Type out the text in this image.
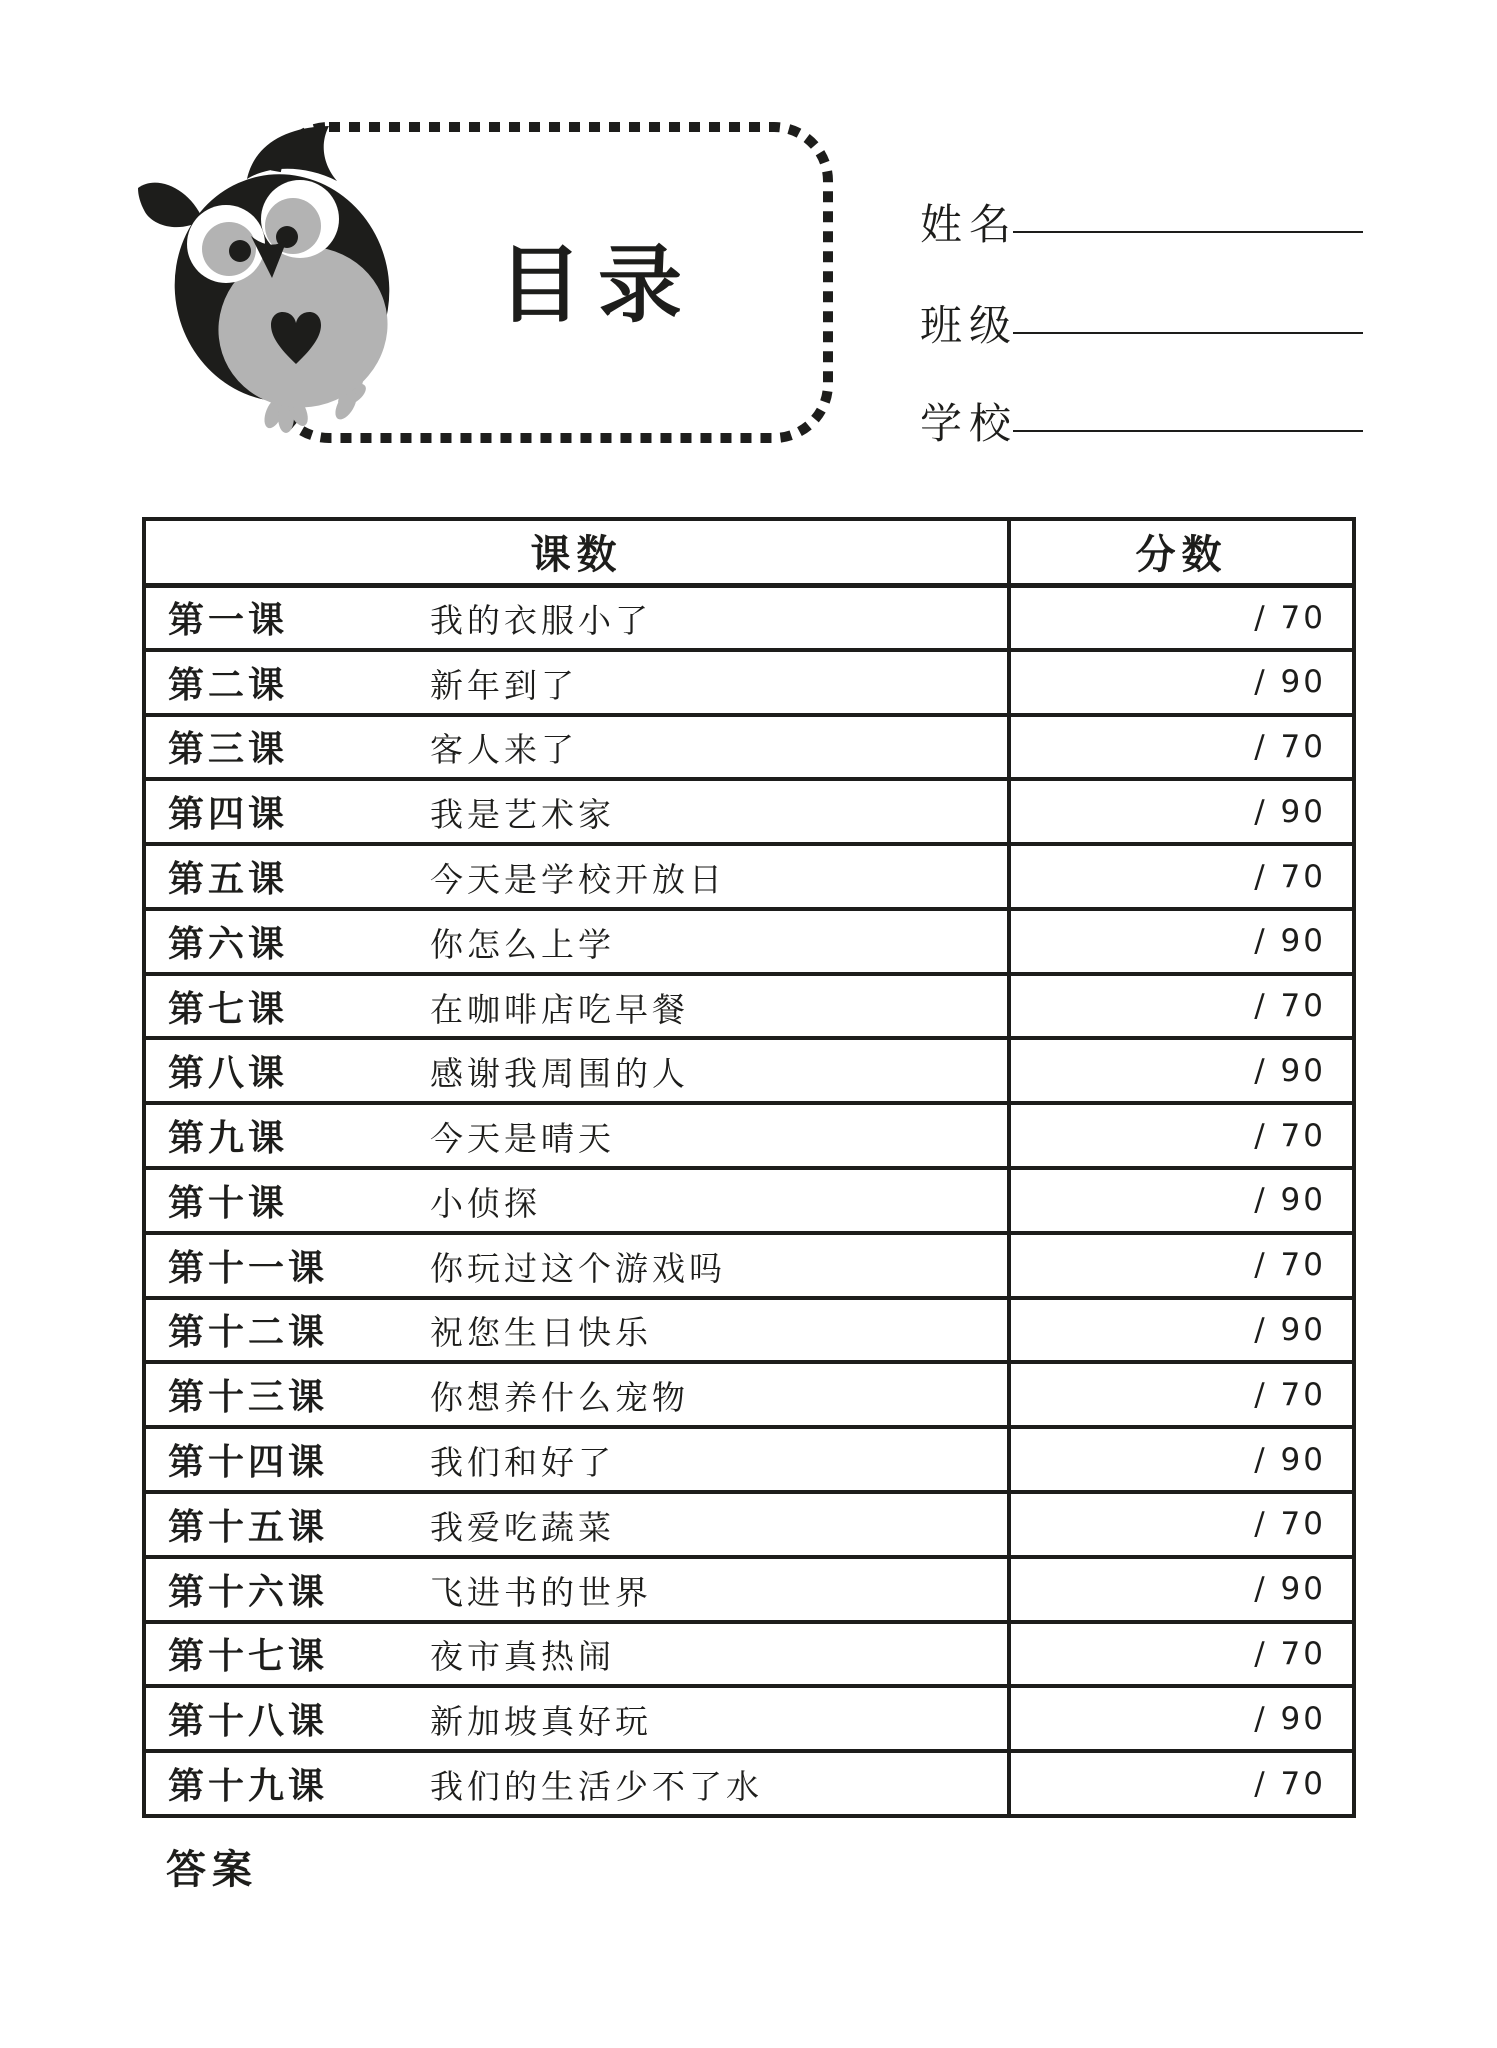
目录
姓名
班级
学校
课数	分数
第一课 我的衣服小了	/ 70
第二课 新年到了	/ 90
第三课 客人来了	/ 70
第四课 我是艺术家	/ 90
第五课 今天是学校开放日	/ 70
第六课 你怎么上学	/ 90
第七课 在咖啡店吃早餐	/ 70
第八课 感谢我周围的人	/ 90
第九课 今天是晴天	/ 70
第十课 小侦探	/ 90
第十一课 你玩过这个游戏吗	/ 70
第十二课 祝您生日快乐	/ 90
第十三课 你想养什么宠物	/ 70
第十四课 我们和好了	/ 90
第十五课 我爱吃蔬菜	/ 70
第十六课 飞进书的世界	/ 90
第十七课 夜市真热闹	/ 70
第十八课 新加坡真好玩	/ 90
第十九课 我们的生活少不了水	/ 70
答案
